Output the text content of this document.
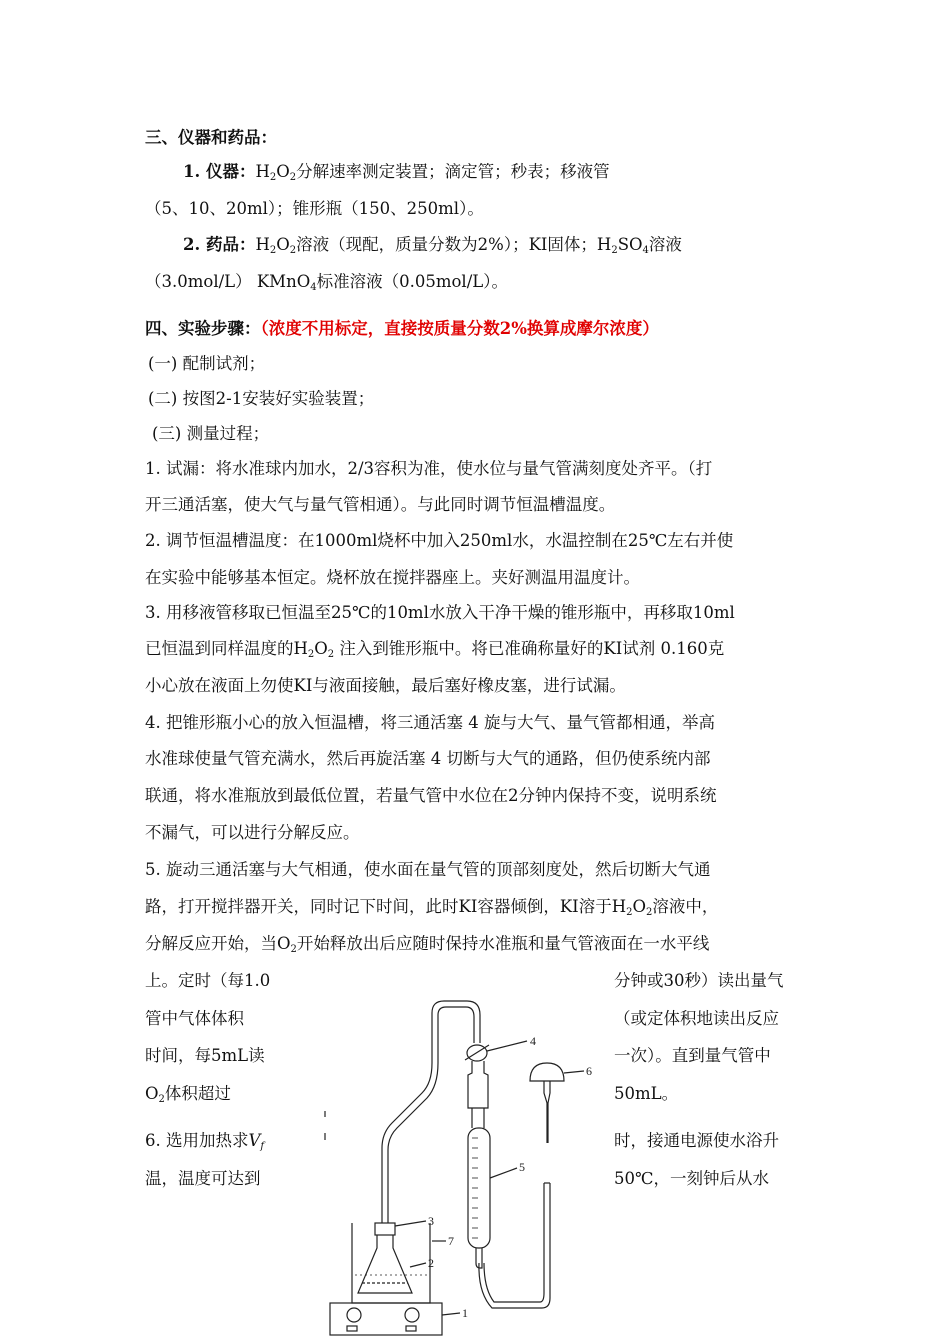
三、仪器和药品：
1. 仪器：$H_2O_2$分解速率测定装置；滴定管；秒表；移液管
（5、10、20ml）；锥形瓶（150、250ml）。
2. 药品：$H_2O_2$溶液（现配，质量分数为2%）；KI固体；$H_2SO_4$溶液
（3.0mol/L） KMnO$_4$标准溶液（0.05mol/L）。
四、实验步骤：（浓度不用标定，直接按质量分数2%换算成摩尔浓度）
(一) 配制试剂；
(二) 按图2-1安装好实验装置；
(三) 测量过程；
1. 试漏：将水准球内加水，2/3容积为准，使水位与量气管满刻度处齐平。（打
开三通活塞，使大气与量气管相通）。与此同时调节恒温槽温度。
2. 调节恒温槽温度：在1000ml烧杯中加入250ml水，水温控制在25℃左右并使
在实验中能够基本恒定。烧杯放在搅拌器座上。夹好测温用温度计。
3. 用移液管移取已恒温至25℃的10ml水放入干净干燥的锥形瓶中，再移取10ml
已恒温到同样温度的$H_2O_2$ 注入到锥形瓶中。将已准确称量好的KI试剂 0.160克
小心放在液面上勿使KI与液面接触，最后塞好橡皮塞，进行试漏。
4. 把锥形瓶小心的放入恒温槽，将三通活塞 4 旋与大气、量气管都相通，举高
水准球使量气管充满水，然后再旋活塞 4 切断与大气的通路，但仍使系统内部
联通，将水准瓶放到最低位置，若量气管中水位在2分钟内保持不变，说明系统
不漏气，可以进行分解反应。
5. 旋动三通活塞与大气相通，使水面在量气管的顶部刻度处，然后切断大气通
路，打开搅拌器开关，同时记下时间，此时KI容器倾倒，KI溶于$H_2O_2$溶液中，
分解反应开始，当$O_2$开始释放出后应随时保持水准瓶和量气管液面在一水平线
上。定时（每1.0	分钟或30秒）读出量气
管中气体体积	（或定体积地读出反应
时间，每5mL读	一次）。直到量气管中
$O_2$体积超过	50mL。
6. 选用加热求$V_f$	时，接通电源使水浴升
温，温度可达到	50℃，一刻钟后从水
1
2
3
4
5
6
7
